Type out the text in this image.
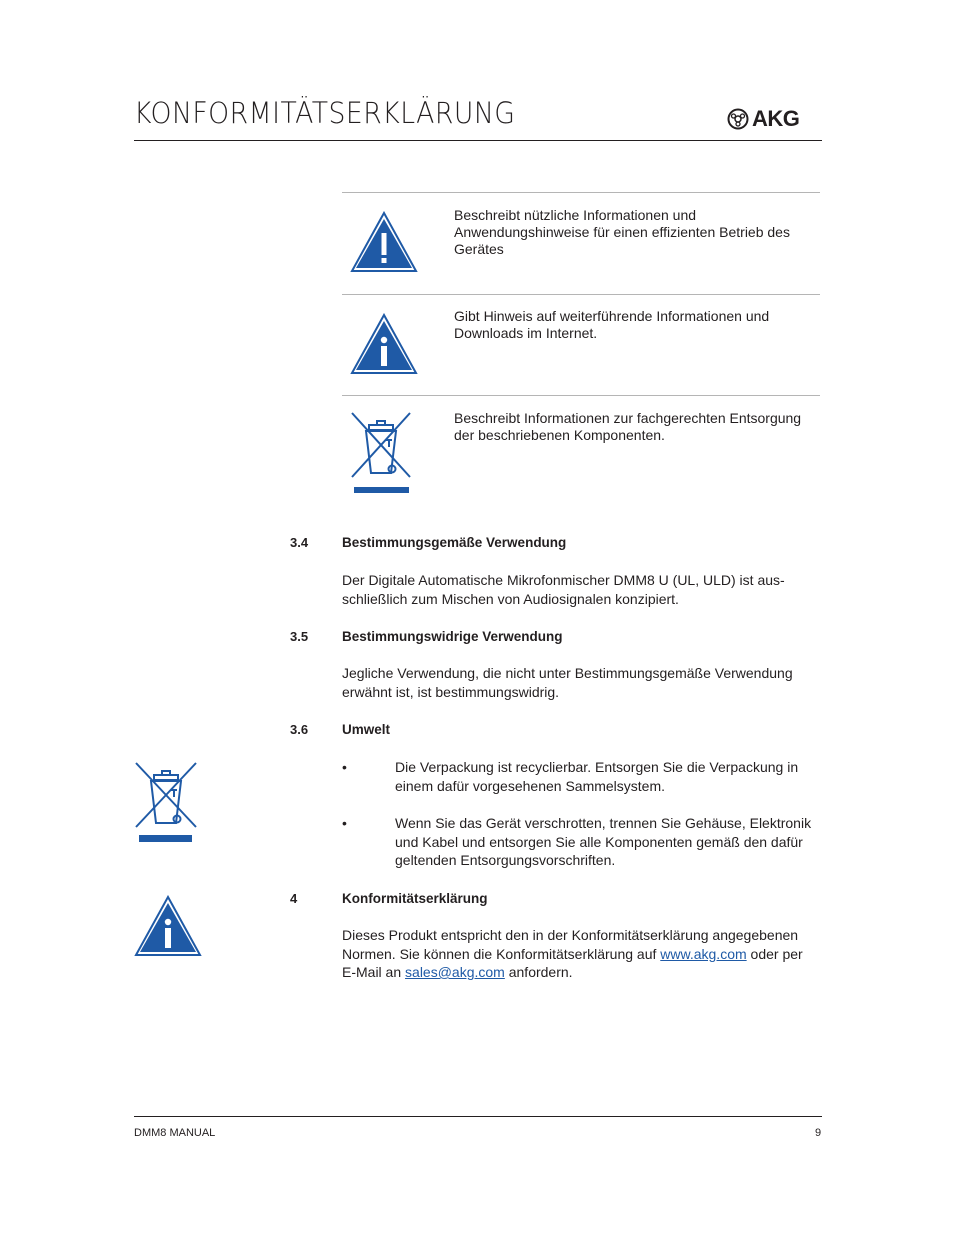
KONFORMITÄTSERKLÄRUNG	AKG
Beschreibt nützliche Informationen und Anwendungshinweise für einen effizienten Betrieb des Gerätes
Gibt Hinweis auf weiterführende Informationen und Downloads im Internet.
Beschreibt Informationen zur fachgerechten Entsorgung der beschriebenen Komponenten.
3.4	Bestimmungsgemäße Verwendung
Der Digitale Automatische Mikrofonmischer DMM8 U (UL, ULD) ist aus-
schließlich zum Mischen von Audiosignalen konzipiert.
3.5	Bestimmungswidrige Verwendung
Jegliche Verwendung, die nicht unter Bestimmungsgemäße Verwendung
erwähnt ist, ist bestimmungswidrig.
3.6	Umwelt
•	Die Verpackung ist recyclierbar. Entsorgen Sie die Verpackung in
einem dafür vorgesehenen Sammelsystem.
•	Wenn Sie das Gerät verschrotten, trennen Sie Gehäuse, Elektronik
und Kabel und entsorgen Sie alle Komponenten gemäß den dafür
geltenden Entsorgungsvorschriften.
4	Konformitätserklärung
Dieses Produkt entspricht den in der Konformitätserklärung angegebenen
Normen. Sie können die Konformitätserklärung auf www.akg.com oder per
E-Mail an sales@akg.com anfordern.
DMM8 MANUAL	9
